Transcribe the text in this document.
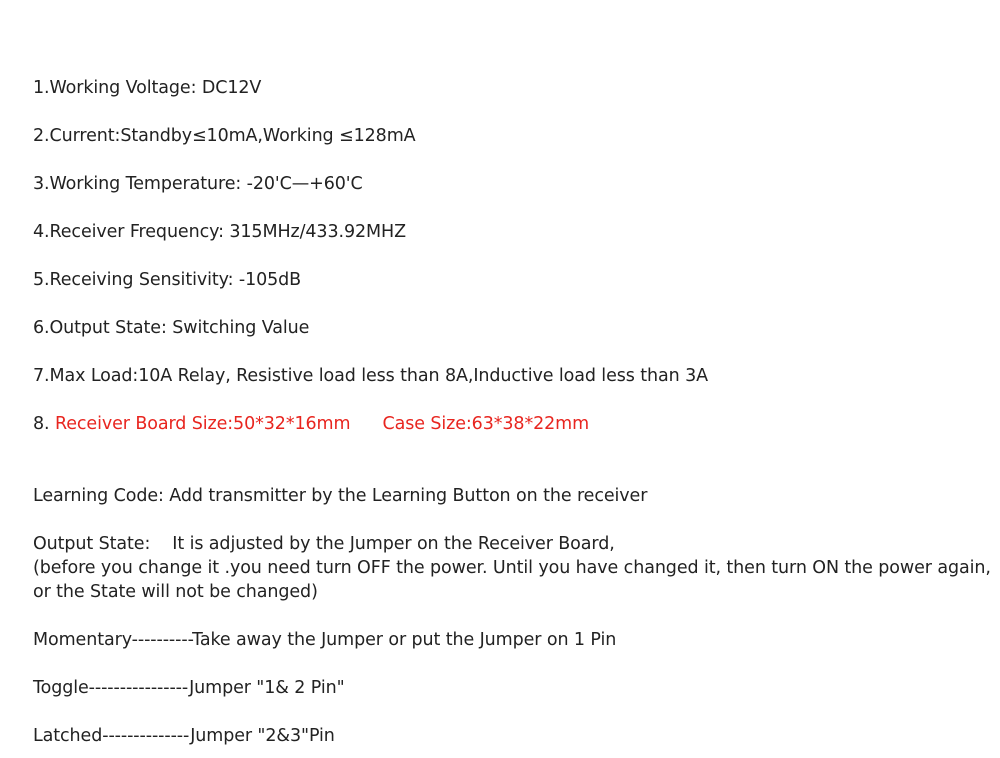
1.Working Voltage: DC12V
2.Current:Standby≤10mA,Working ≤128mA
3.Working Temperature: -20'C—+60'C
4.Receiver Frequency: 315MHz/433.92MHZ
5.Receiving Sensitivity: -105dB
6.Output State: Switching Value
7.Max Load:10A Relay, Resistive load less than 8A,Inductive load less than 3A
8. Receiver Board Size:50*32*16mm Case Size:63*38*22mm
Learning Code: Add transmitter by the Learning Button on the receiver
Output State: It is adjusted by the Jumper on the Receiver Board,
(before you change it .you need turn OFF the power. Until you have changed it, then turn ON the power again,
or the State will not be changed)
Momentary----------Take away the Jumper or put the Jumper on 1 Pin
Toggle----------------Jumper "1& 2 Pin"
Latched--------------Jumper "2&3"Pin
